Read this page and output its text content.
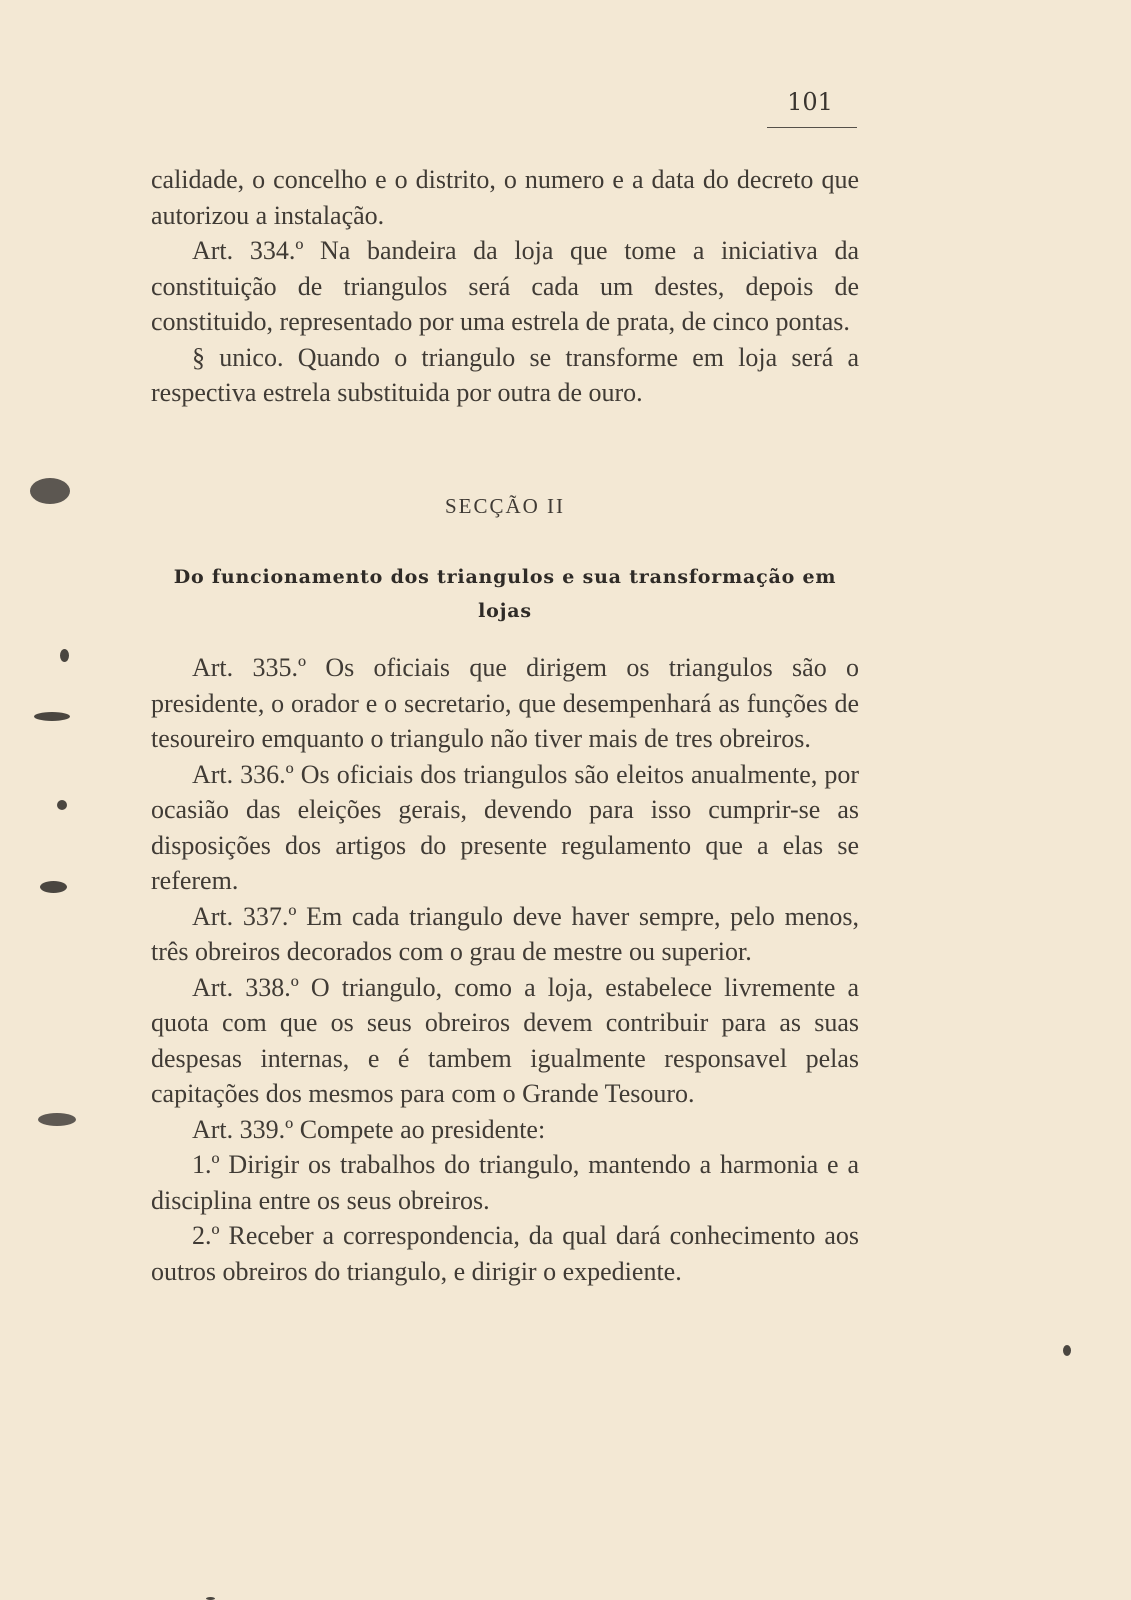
101

calidade, o concelho e o distrito, o numero e a data do decreto que autorizou a instalação.

Art. 334.º Na bandeira da loja que tome a iniciativa da constituição de triangulos será cada um destes, depois de constituido, representado por uma estrela de prata, de cinco pontas.

§ unico. Quando o triangulo se transforme em loja será a respectiva estrela substituida por outra de ouro.

SECÇÃO II
Do funcionamento dos triangulos e sua transformação em lojas

Art. 335.º Os oficiais que dirigem os triangulos são o presidente, o orador e o secretario, que desempenhará as funções de tesoureiro emquanto o triangulo não tiver mais de tres obreiros.

Art. 336.º Os oficiais dos triangulos são eleitos anualmente, por ocasião das eleições gerais, devendo para isso cumprir-se as disposições dos artigos do presente regulamento que a elas se referem.

Art. 337.º Em cada triangulo deve haver sempre, pelo menos, três obreiros decorados com o grau de mestre ou superior.

Art. 338.º O triangulo, como a loja, estabelece livremente a quota com que os seus obreiros devem contribuir para as suas despesas internas, e é tambem igualmente responsavel pelas capitações dos mesmos para com o Grande Tesouro.

Art. 339.º Compete ao presidente:

1.º Dirigir os trabalhos do triangulo, mantendo a harmonia e a disciplina entre os seus obreiros.

2.º Receber a correspondencia, da qual dará conhecimento aos outros obreiros do triangulo, e dirigir o expediente.
